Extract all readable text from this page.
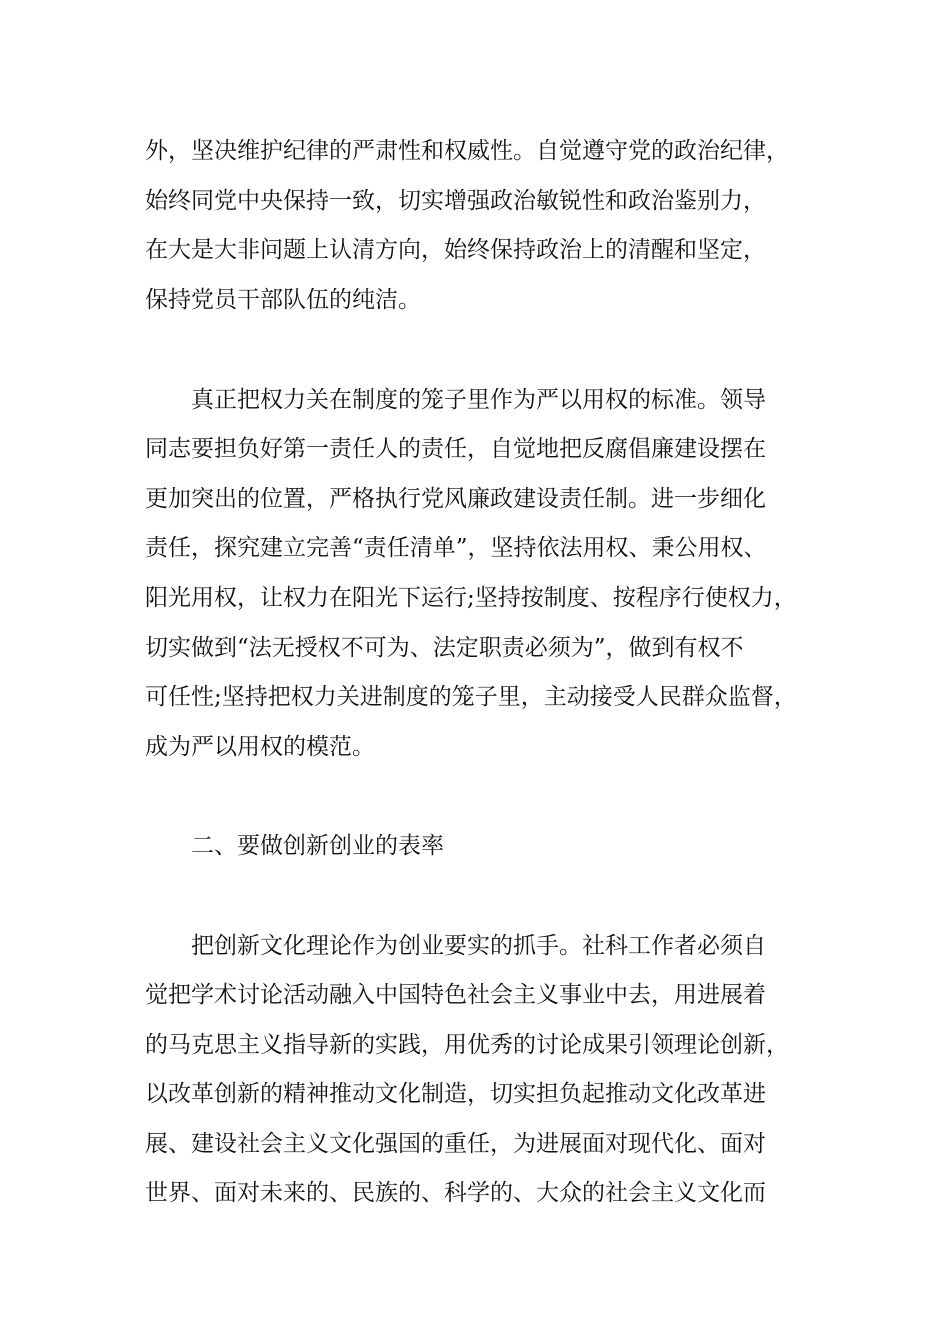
外，坚决维护纪律的严肃性和权威性。自觉遵守党的政治纪律，
始终同党中央保持一致，切实增强政治敏锐性和政治鉴别力，
在大是大非问题上认清方向，始终保持政治上的清醒和坚定，
保持党员干部队伍的纯洁。
　　真正把权力关在制度的笼子里作为严以用权的标准。领导
同志要担负好第一责任人的责任，自觉地把反腐倡廉建设摆在
更加突出的位置，严格执行党风廉政建设责任制。进一步细化
责任，探究建立完善“责任清单”，坚持依法用权、秉公用权、
阳光用权，让权力在阳光下运行;坚持按制度、按程序行使权力，
切实做到“法无授权不可为、法定职责必须为”，做到有权不
可任性;坚持把权力关进制度的笼子里，主动接受人民群众监督，
成为严以用权的模范。
　　二、要做创新创业的表率
　　把创新文化理论作为创业要实的抓手。社科工作者必须自
觉把学术讨论活动融入中国特色社会主义事业中去，用进展着
的马克思主义指导新的实践，用优秀的讨论成果引领理论创新，
以改革创新的精神推动文化制造，切实担负起推动文化改革进
展、建设社会主义文化强国的重任，为进展面对现代化、面对
世界、面对未来的、民族的、科学的、大众的社会主义文化而
